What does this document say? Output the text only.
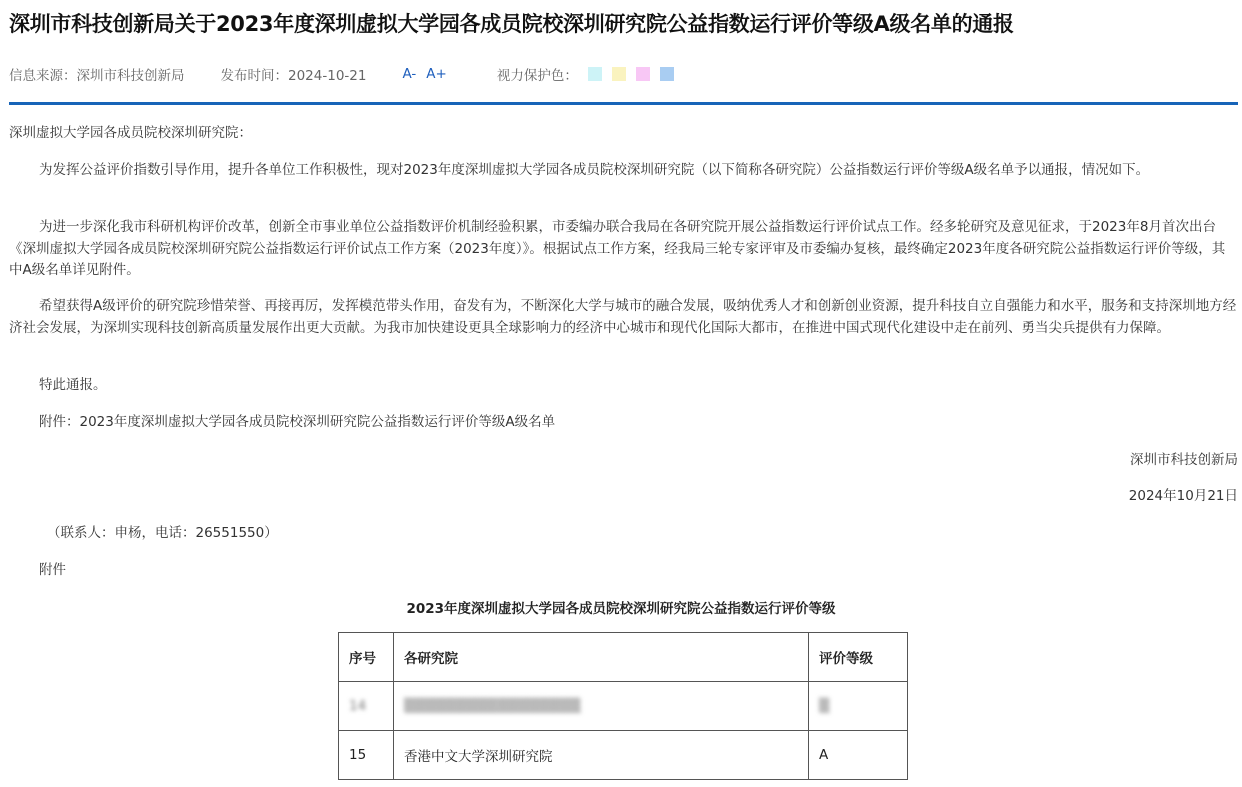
深圳市科技创新局关于2023年度深圳虚拟大学园各成员院校深圳研究院公益指数运行评价等级A级名单的通报
信息来源：深圳市科技创新局	发布时间：2024-10-21	A- A+	视力保护色：

深圳虚拟大学园各成员院校深圳研究院：

为发挥公益评价指数引导作用，提升各单位工作积极性，现对2023年度深圳虚拟大学园各成员院校深圳研究院（以下简称各研究院）公益指数运行评价等级A级名单予以通报，情况如下。

为进一步深化我市科研机构评价改革，创新全市事业单位公益指数评价机制经验积累，市委编办联合我局在各研究院开展公益指数运行评价试点工作。经多轮研究及意见征求，于2023年8月首次出台《深圳虚拟大学园各成员院校深圳研究院公益指数运行评价试点工作方案（2023年度）》。根据试点工作方案，经我局三轮专家评审及市委编办复核，最终确定2023年度各研究院公益指数运行评价等级，其中A级名单详见附件。

希望获得A级评价的研究院珍惜荣誉、再接再厉，发挥模范带头作用，奋发有为，不断深化大学与城市的融合发展，吸纳优秀人才和创新创业资源，提升科技自立自强能力和水平，服务和支持深圳地方经济社会发展，为深圳实现科技创新高质量发展作出更大贡献。为我市加快建设更具全球影响力的经济中心城市和现代化国际大都市，在推进中国式现代化建设中走在前列、勇当尖兵提供有力保障。

特此通报。

附件：2023年度深圳虚拟大学园各成员院校深圳研究院公益指数运行评价等级A级名单

深圳市科技创新局

2024年10月21日

（联系人：申杨，电话：26551550）

附件

2023年度深圳虚拟大学园各成员院校深圳研究院公益指数运行评价等级
序号	各研究院	评价等级
14	▒▒▒▒▒▒▒▒▒▒▒▒▒▒▒▒▒	▒
15	香港中文大学深圳研究院	A
